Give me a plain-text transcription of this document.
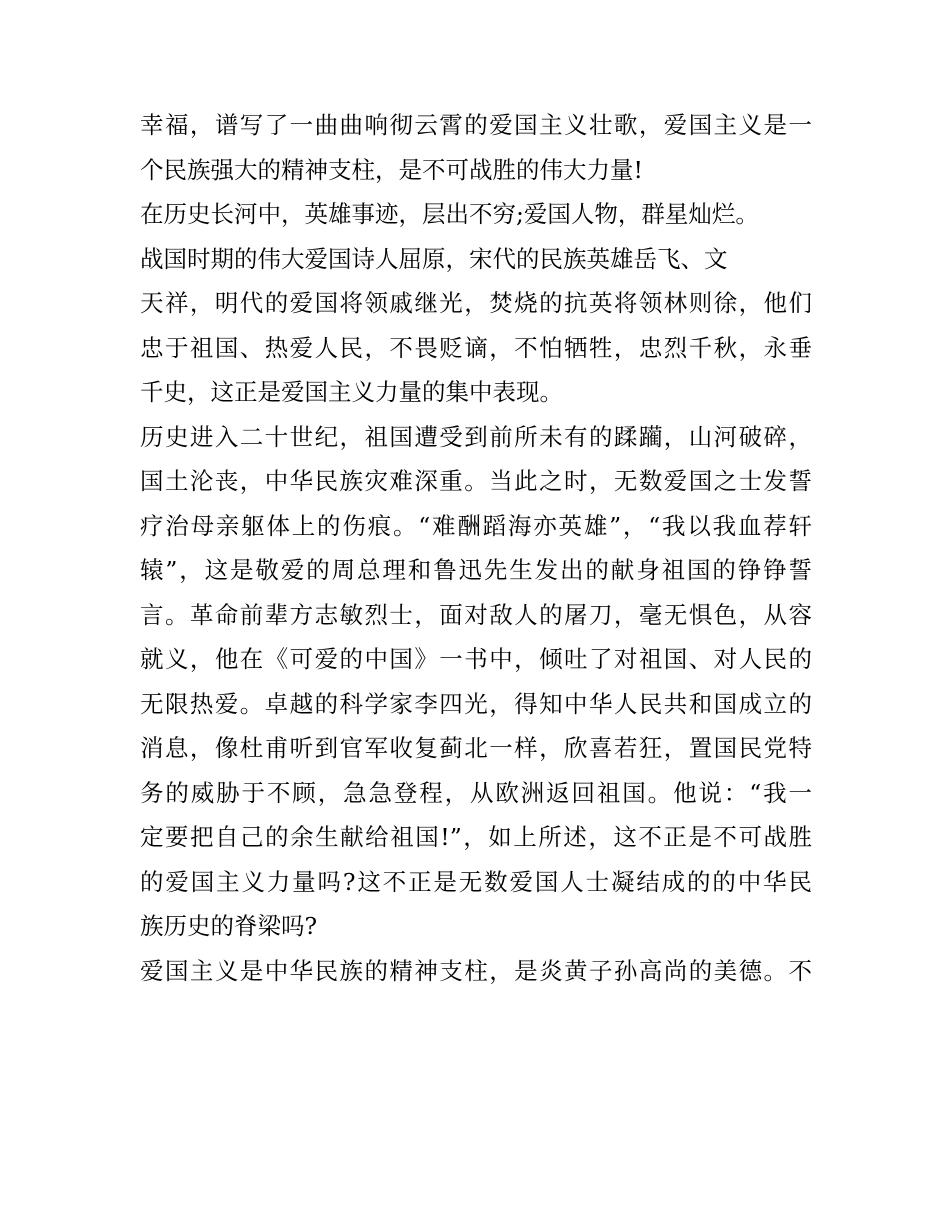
幸福，谱写了一曲曲响彻云霄的爱国主义壮歌，爱国主义是一
个民族强大的精神支柱，是不可战胜的伟大力量!
在历史长河中，英雄事迹，层出不穷;爱国人物，群星灿烂。
战国时期的伟大爱国诗人屈原，宋代的民族英雄岳飞、文
天祥，明代的爱国将领戚继光，焚烧的抗英将领林则徐，他们
忠于祖国、热爱人民，不畏贬谪，不怕牺牲，忠烈千秋，永垂
千史，这正是爱国主义力量的集中表现。
历史进入二十世纪，祖国遭受到前所未有的蹂躏，山河破碎，
国土沦丧，中华民族灾难深重。当此之时，无数爱国之士发誓
疗治母亲躯体上的伤痕。“难酬蹈海亦英雄”，“我以我血荐轩
辕”，这是敬爱的周总理和鲁迅先生发出的献身祖国的铮铮誓
言。革命前辈方志敏烈士，面对敌人的屠刀，毫无惧色，从容
就义，他在《可爱的中国》一书中，倾吐了对祖国、对人民的
无限热爱。卓越的科学家李四光，得知中华人民共和国成立的
消息，像杜甫听到官军收复蓟北一样，欣喜若狂，置国民党特
务的威胁于不顾，急急登程，从欧洲返回祖国。他说：“我一
定要把自己的余生献给祖国!”，如上所述，这不正是不可战胜
的爱国主义力量吗?这不正是无数爱国人士凝结成的的中华民
族历史的脊梁吗?
爱国主义是中华民族的精神支柱，是炎黄子孙高尚的美德。不
